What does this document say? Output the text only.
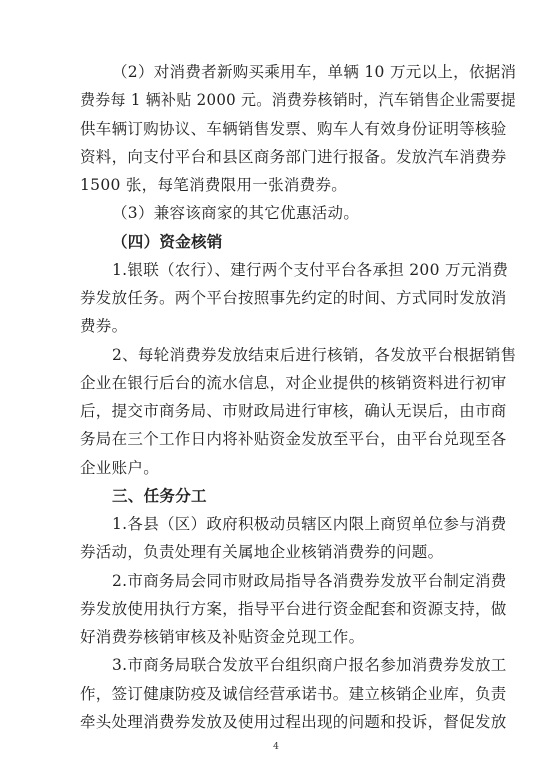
（2）对消费者新购买乘用车，单辆 10 万元以上，依据消
费券每 1 辆补贴 2000 元。消费券核销时，汽车销售企业需要提
供车辆订购协议、车辆销售发票、购车人有效身份证明等核验
资料，向支付平台和县区商务部门进行报备。发放汽车消费券
1500 张，每笔消费限用一张消费券。
（3）兼容该商家的其它优惠活动。
（四）资金核销
1.银联（农行）、建行两个支付平台各承担 200 万元消费
券发放任务。两个平台按照事先约定的时间、方式同时发放消
费券。
2、每轮消费券发放结束后进行核销，各发放平台根据销售
企业在银行后台的流水信息，对企业提供的核销资料进行初审
后，提交市商务局、市财政局进行审核，确认无误后，由市商
务局在三个工作日内将补贴资金发放至平台，由平台兑现至各
企业账户。
三、任务分工
1.各县（区）政府积极动员辖区内限上商贸单位参与消费
券活动，负责处理有关属地企业核销消费券的问题。
2.市商务局会同市财政局指导各消费券发放平台制定消费
券发放使用执行方案，指导平台进行资金配套和资源支持，做
好消费券核销审核及补贴资金兑现工作。
3.市商务局联合发放平台组织商户报名参加消费券发放工
作，签订健康防疫及诚信经营承诺书。建立核销企业库，负责
牵头处理消费券发放及使用过程出现的问题和投诉，督促发放
4
